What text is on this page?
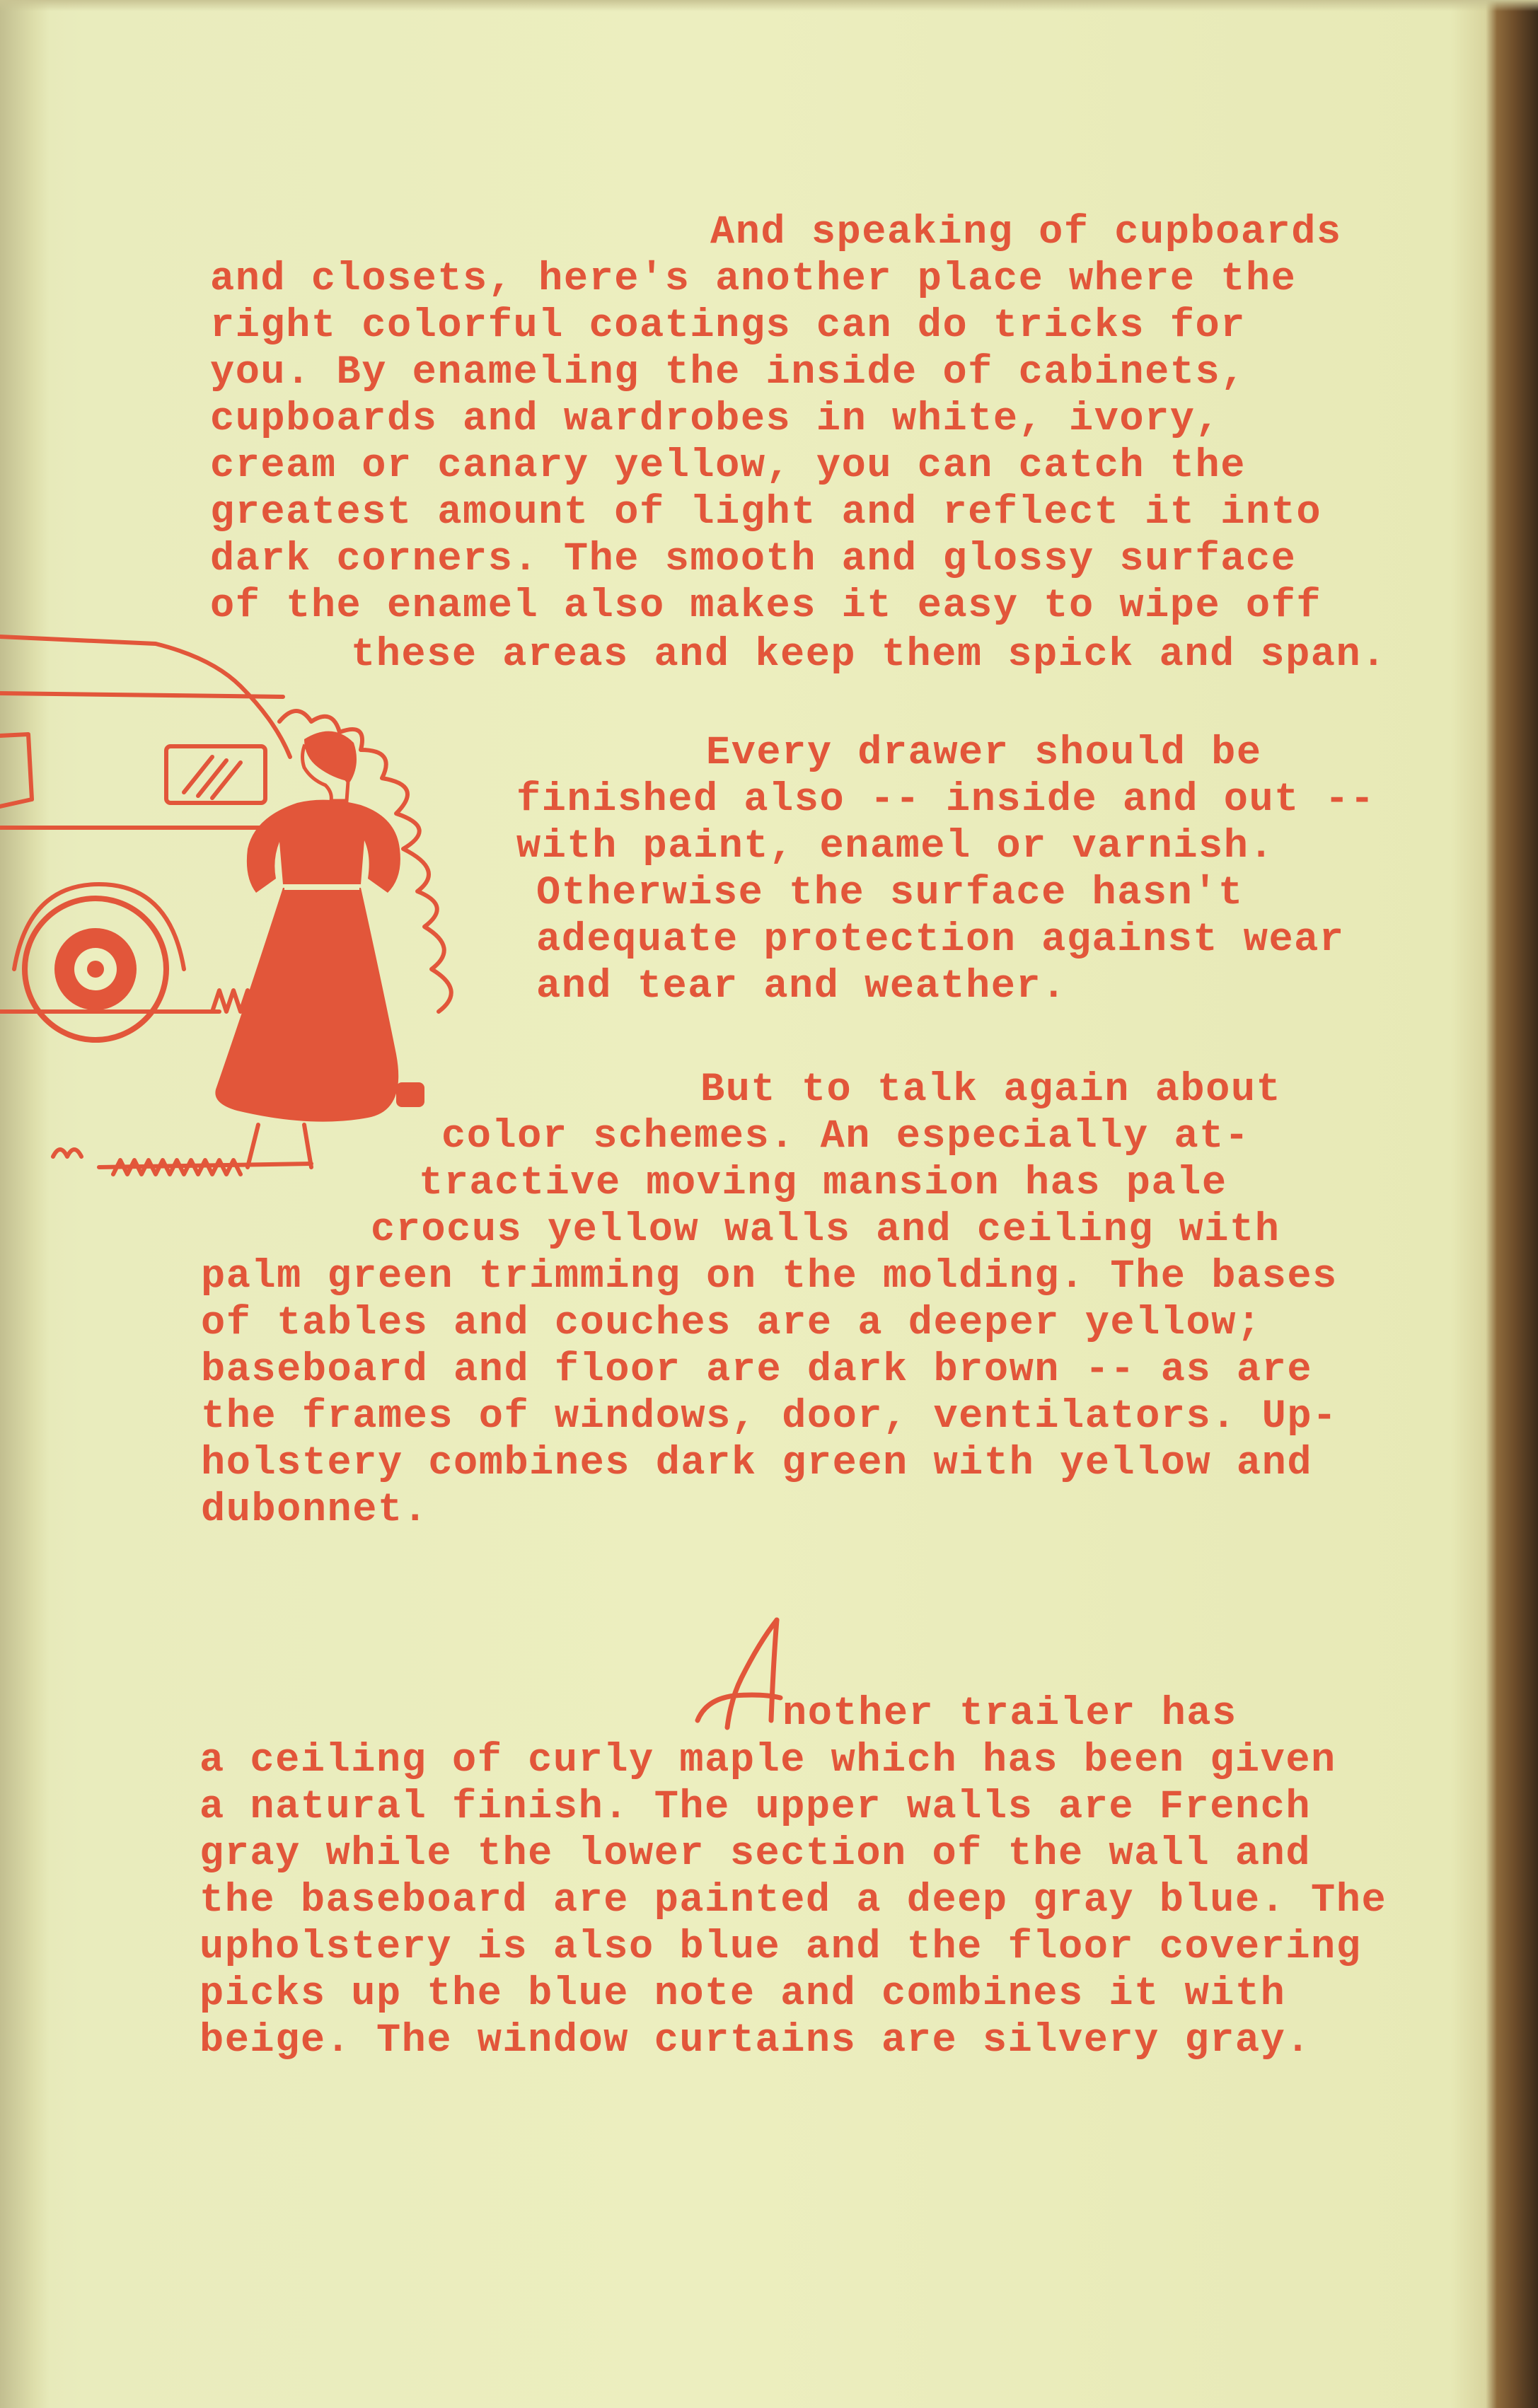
And speaking of cupboards

and closets, here's another place where the

right colorful coatings can do tricks for

you. By enameling the inside of cabinets,

cupboards and wardrobes in white, ivory,

cream or canary yellow, you can catch the

greatest amount of light and reflect it into

dark corners. The smooth and glossy surface

of the enamel also makes it easy to wipe off

these areas and keep them spick and span.

Every drawer should be

finished also -- inside and out --

with paint, enamel or varnish.

Otherwise the surface hasn't

adequate protection against wear

and tear and weather.

But to talk again about

color schemes. An especially at-

tractive moving mansion has pale

crocus yellow walls and ceiling with

palm green trimming on the molding. The bases

of tables and couches are a deeper yellow;

baseboard and floor are dark brown -- as are

the frames of windows, door, ventilators. Up-

holstery combines dark green with yellow and

dubonnet.

nother trailer has

a ceiling of curly maple which has been given

a natural finish. The upper walls are French

gray while the lower section of the wall and

the baseboard are painted a deep gray blue. The

upholstery is also blue and the floor covering

picks up the blue note and combines it with

beige. The window curtains are silvery gray.
